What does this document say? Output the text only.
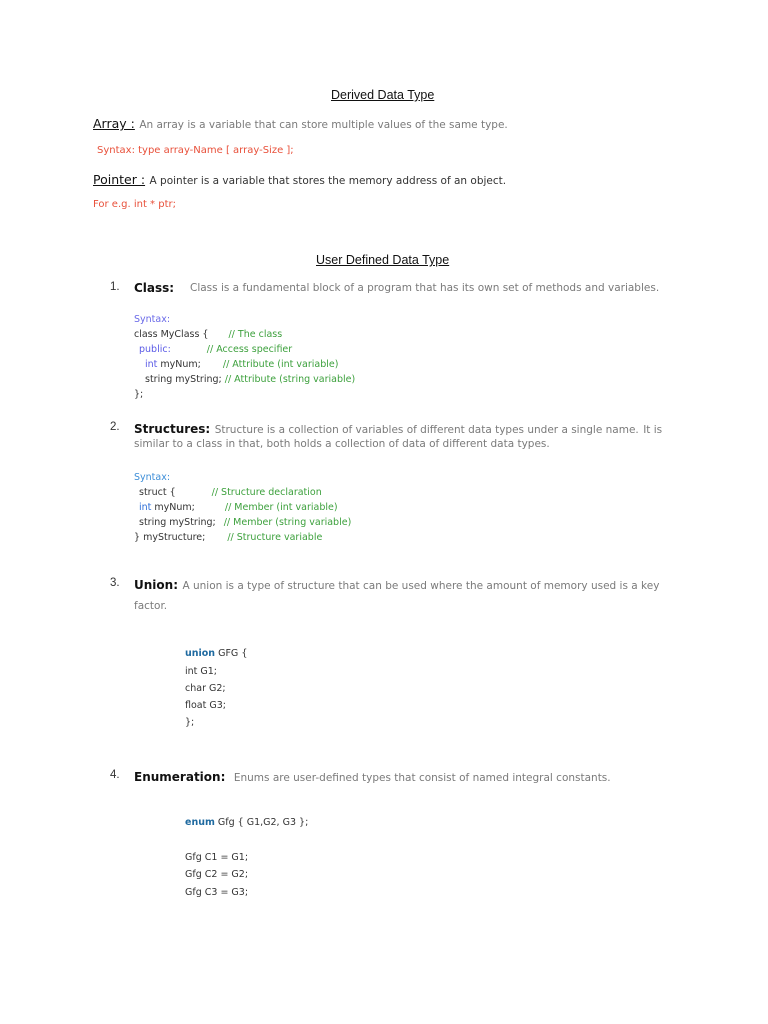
Derived Data Type
Array : An array is a variable that can store multiple values of the same type.
Syntax: type array-Name [ array-Size ];
Pointer : A pointer is a variable that stores the memory address of an object.
For e.g. int * ptr;
User Defined Data Type
1. Class: Class is a fundamental block of a program that has its own set of methods and variables.
Syntax:
class MyClass { // The class
public:	// Access specifier
int myNum; // Attribute (int variable)
string myString; // Attribute (string variable)
};
2. Structures: Structure is a collection of variables of different data types under a single name. It is
similar to a class in that, both holds a collection of data of different data types.
Syntax:
struct {	// Structure declaration
int myNum;	// Member (int variable)
string myString; // Member (string variable)
} myStructure; // Structure variable
3. Union: A union is a type of structure that can be used where the amount of memory used is a key
factor.
union GFG {
int G1;
char G2;
float G3;
};
4. Enumeration: Enums are user-defined types that consist of named integral constants.
enum Gfg { G1,G2, G3 };
Gfg C1 = G1;
Gfg C2 = G2;
Gfg C3 = G3;
